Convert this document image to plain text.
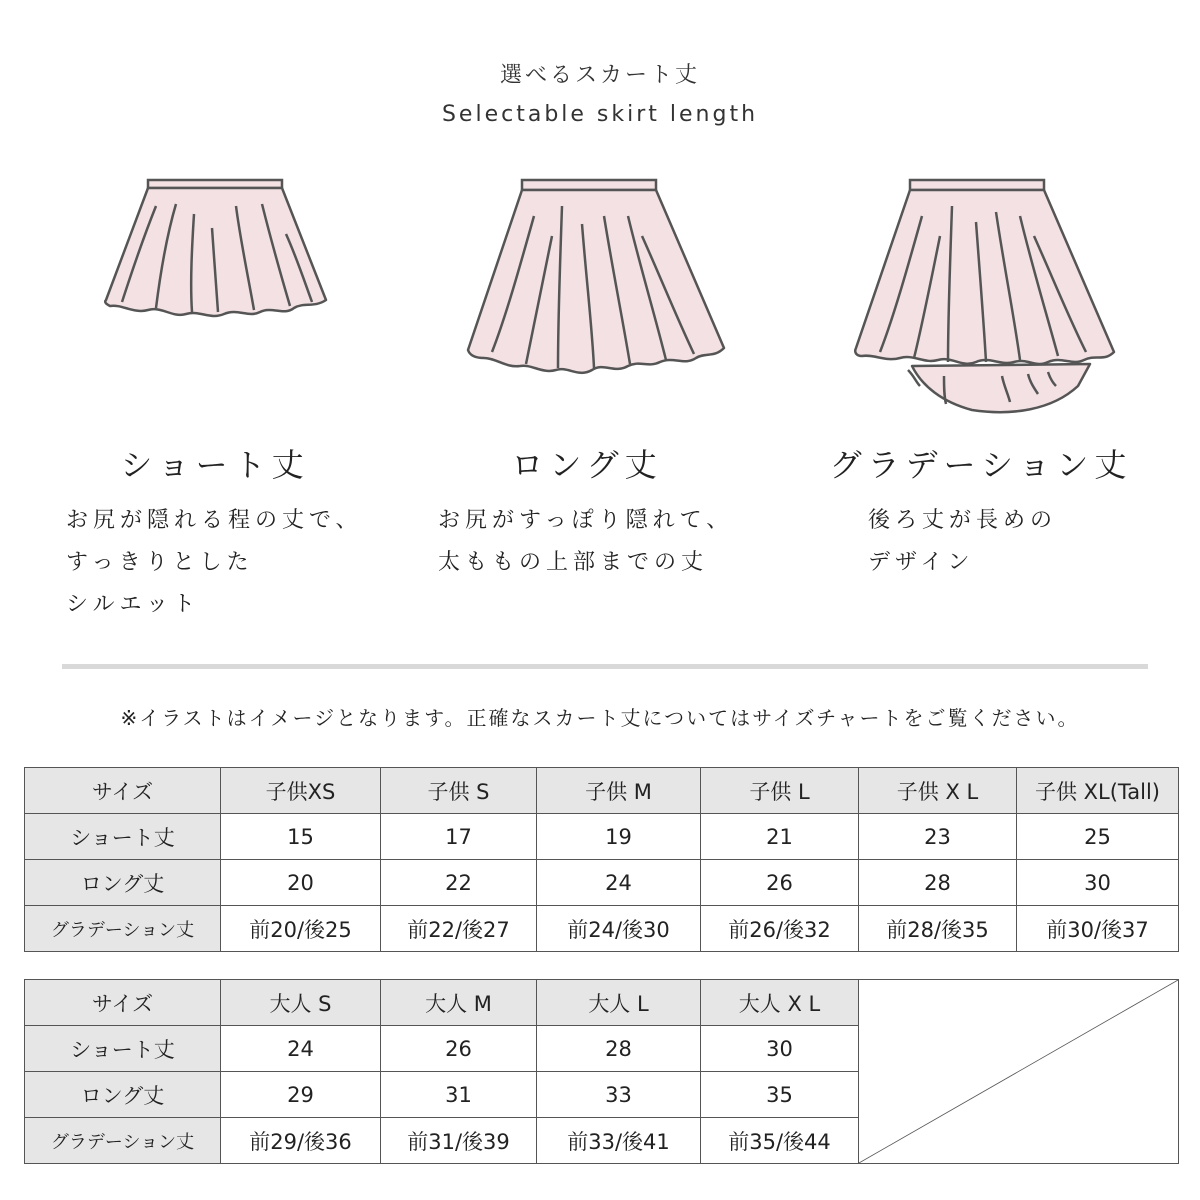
選べるスカート丈
Selectable skirt length
ショート丈	ロング丈	グラデーション丈
お尻が隠れる程の丈で、
すっきりとした
シルエット
お尻がすっぽり隠れて、
太ももの上部までの丈
後ろ丈が長めの
デザイン
※イラストはイメージとなります。正確なスカート丈についてはサイズチャートをご覧ください。
サイズ	子供XS	子供 S	子供 M	子供 L	子供 X L	子供 XL(Tall)
ショート丈	15	17	19	21	23	25
ロング丈	20	22	24	26	28	30
グラデーション丈	前20/後25	前22/後27	前24/後30	前26/後32	前28/後35	前30/後37
サイズ	大人 S	大人 M	大人 L	大人 X L	

ショート丈	24	26	28	30	
ロング丈	29	31	33	35	
グラデーション丈	前29/後36	前31/後39	前33/後41	前35/後44	
